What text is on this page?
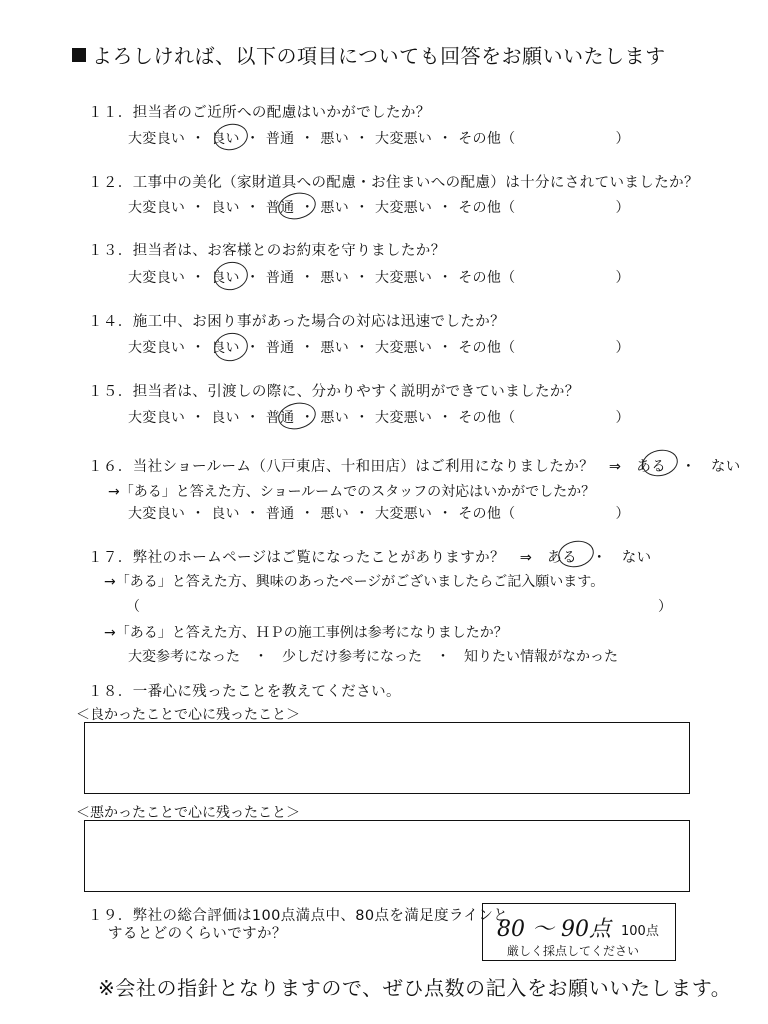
よろしければ、以下の項目についても回答をお願いいたします
１１．担当者のご近所への配慮はいかがでしたか？
大変良い ・ 良い ・ 普通 ・ 悪い ・ 大変悪い ・ その他（	）
１２．工事中の美化（家財道具への配慮・お住まいへの配慮）は十分にされていましたか？
大変良い ・ 良い ・ 普通 ・ 悪い ・ 大変悪い ・ その他（	）
１３．担当者は、お客様とのお約束を守りましたか？
大変良い ・ 良い ・ 普通 ・ 悪い ・ 大変悪い ・ その他（	）
１４．施工中、お困り事があった場合の対応は迅速でしたか？
大変良い ・ 良い ・ 普通 ・ 悪い ・ 大変悪い ・ その他（	）
１５．担当者は、引渡しの際に、分かりやすく説明ができていましたか？
大変良い ・ 良い ・ 普通 ・ 悪い ・ 大変悪い ・ その他（	）
１６．当社ショールーム（八戸東店、十和田店）はご利用になりましたか？　⇒　ある　・　ない
→「ある」と答えた方、ショールームでのスタッフの対応はいかがでしたか？
大変良い ・ 良い ・ 普通 ・ 悪い ・ 大変悪い ・ その他（	）
１７．弊社のホームページはご覧になったことがありますか？　⇒　ある　・　ない
→「ある」と答えた方、興味のあったページがございましたらご記入願います。
（	）
→「ある」と答えた方、ＨＰの施工事例は参考になりましたか？
大変参考になった　・　少しだけ参考になった　・　知りたい情報がなかった
１８．一番心に残ったことを教えてください。
＜良かったことで心に残ったこと＞
＜悪かったことで心に残ったこと＞
１９．弊社の総合評価は100点満点中、80点を満足度ラインと
するとどのくらいですか？	80 〜 90点 100点
厳しく採点してください
※会社の指針となりますので、ぜひ点数の記入をお願いいたします。
